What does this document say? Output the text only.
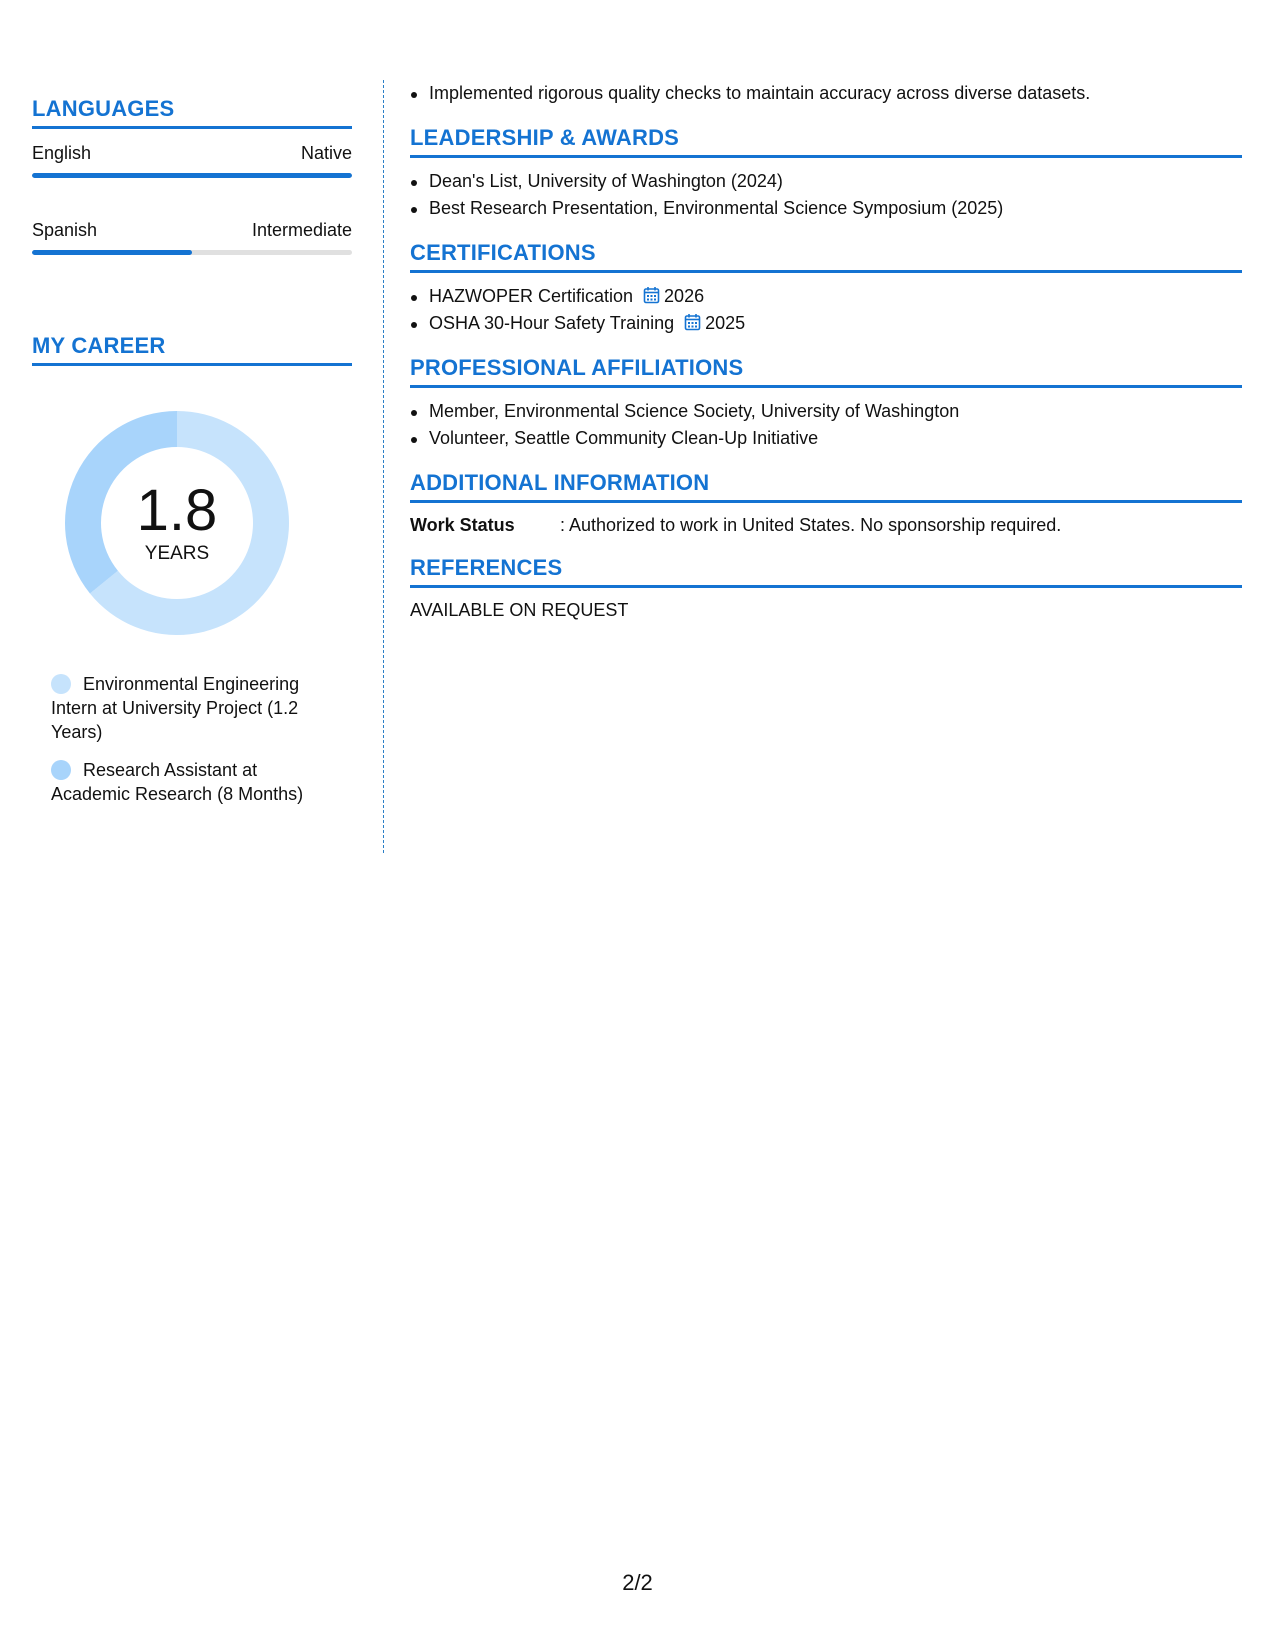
LANGUAGES
English	Native
Spanish	Intermediate
MY CAREER
1.8
YEARS
Environmental Engineering Intern at University Project (1.2 Years)
Research Assistant at Academic Research (8 Months)
Implemented rigorous quality checks to maintain accuracy across diverse datasets.
LEADERSHIP & AWARDS
Dean's List, University of Washington (2024)
Best Research Presentation, Environmental Science Symposium (2025)
CERTIFICATIONS
HAZWOPER Certification 2026
OSHA 30-Hour Safety Training 2025
PROFESSIONAL AFFILIATIONS
Member, Environmental Science Society, University of Washington
Volunteer, Seattle Community Clean-Up Initiative
ADDITIONAL INFORMATION
Work Status	: Authorized to work in United States. No sponsorship required.
REFERENCES
AVAILABLE ON REQUEST
2/2
